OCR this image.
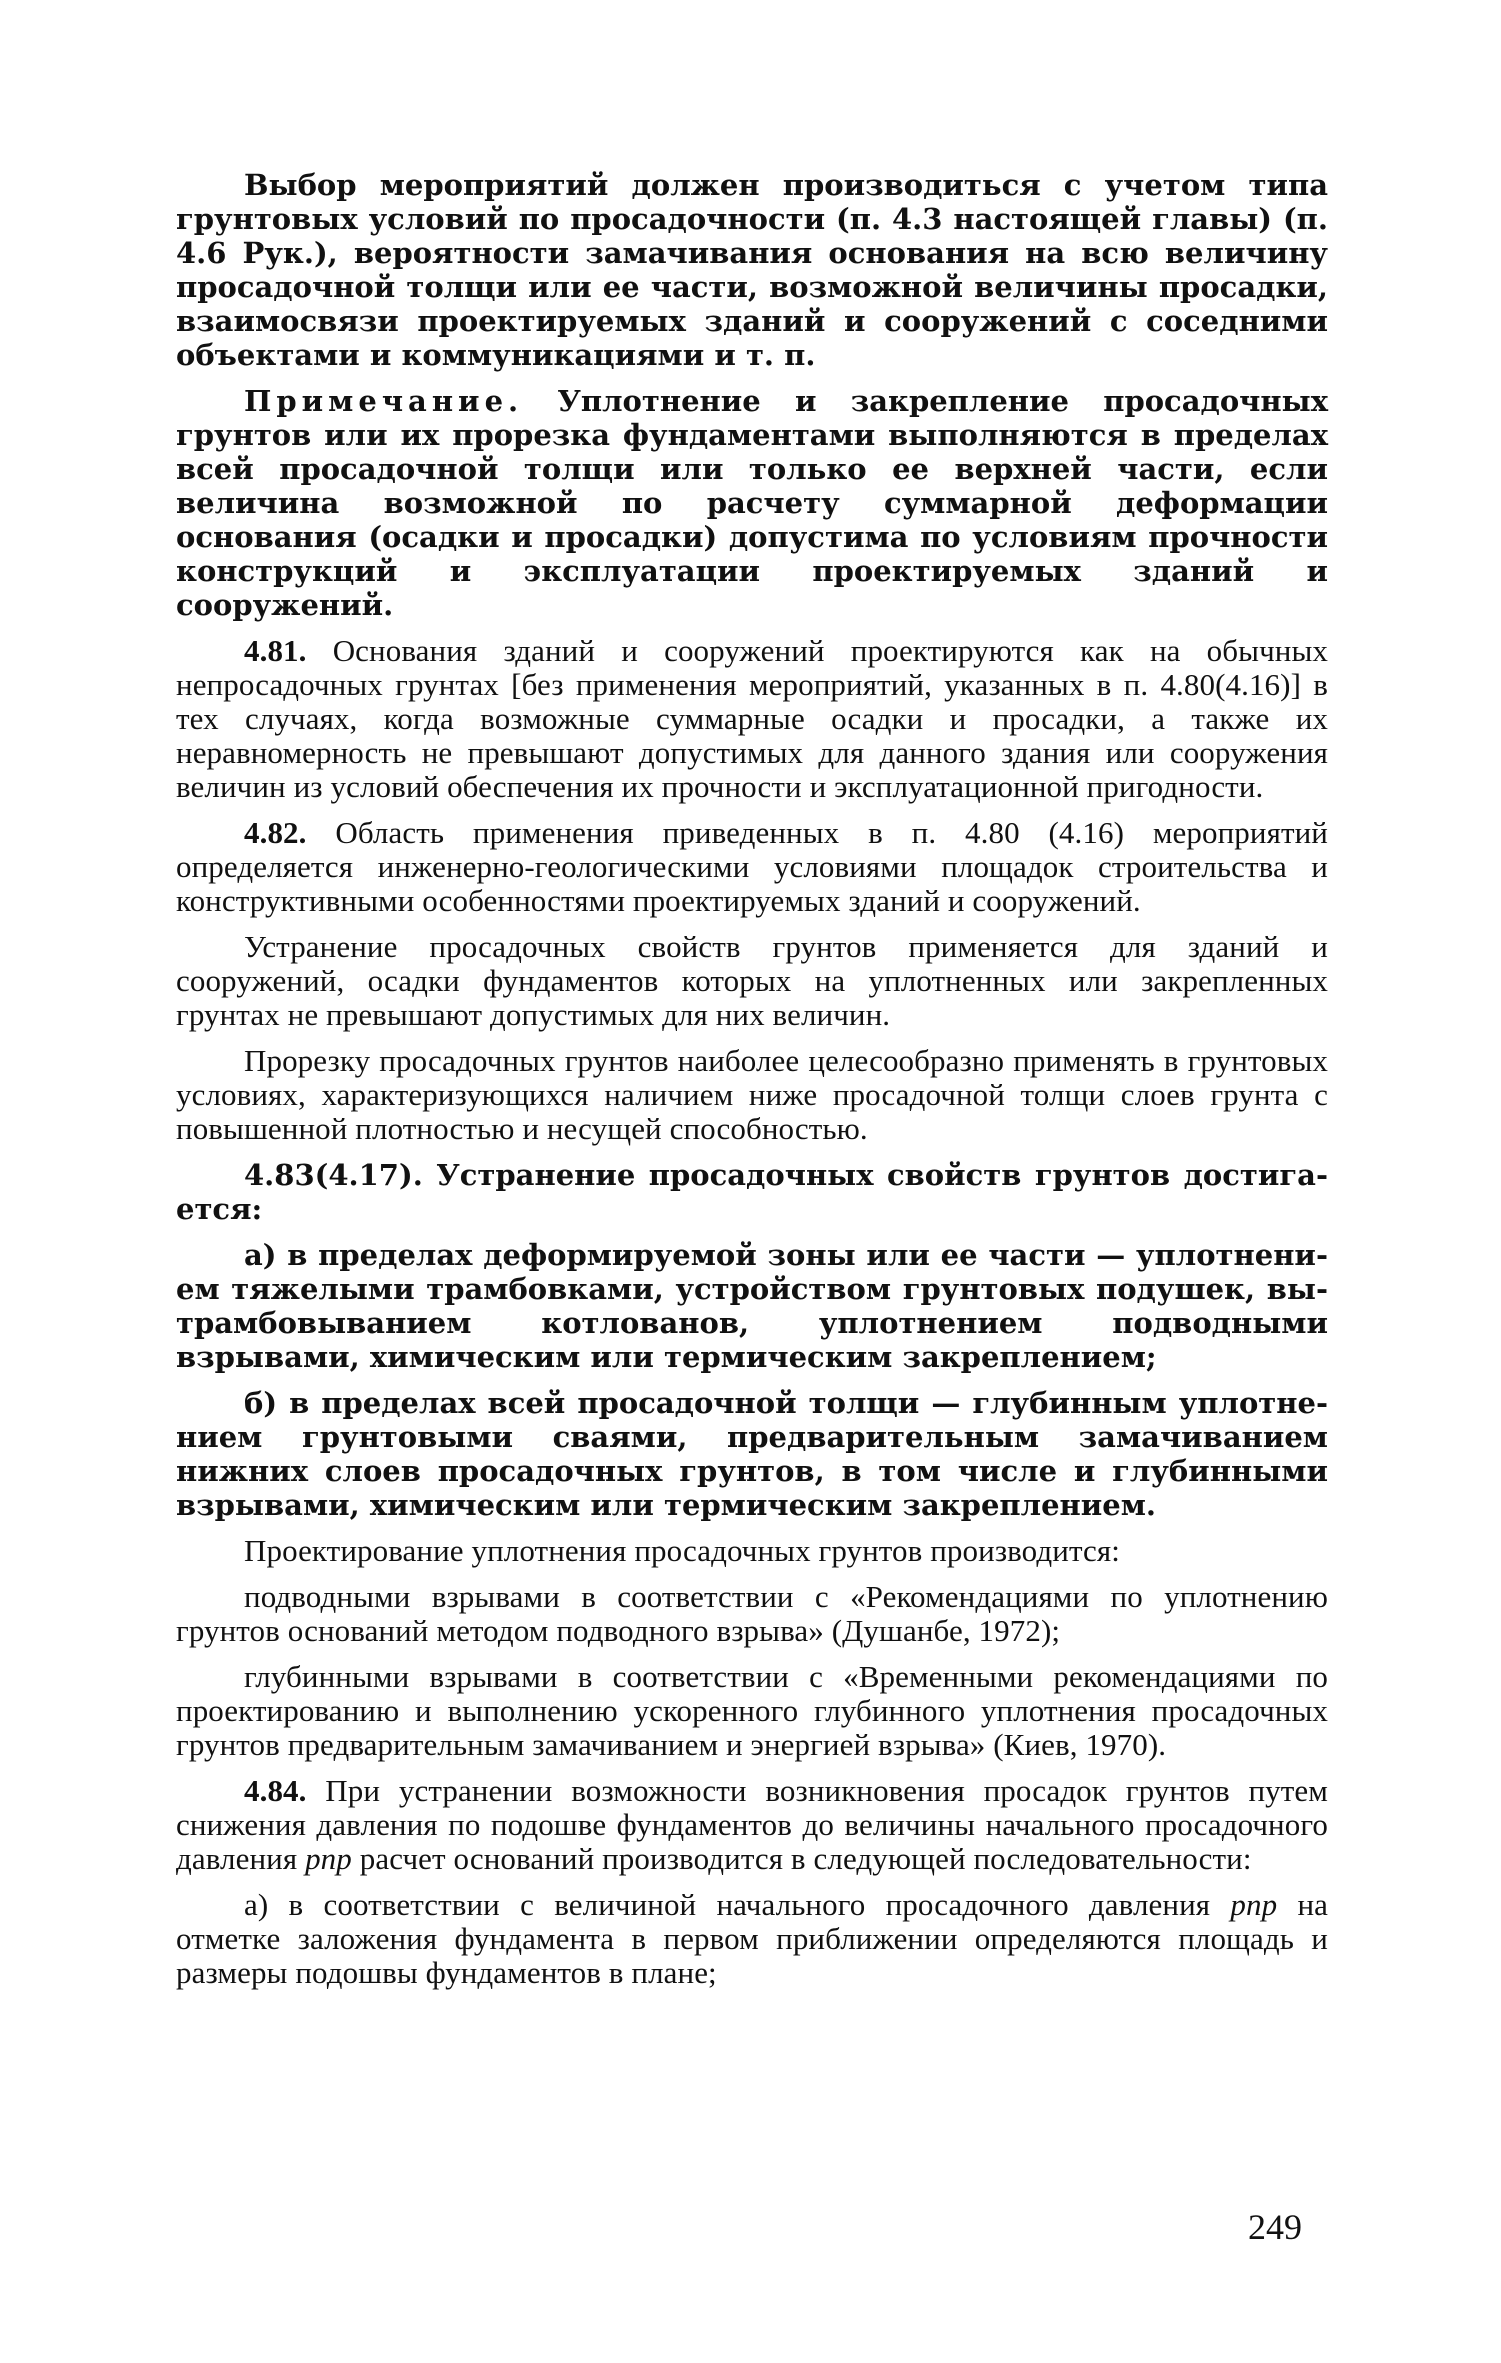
Выбор мероприятий должен производиться с учетом типа грунтовых условий по просадочности (п. 4.3 настоящей главы) (п. 4.6 Рук.), вероятности замачивания основания на всю величину просадочной толщи или ее части, возможной величины просадки, взаимосвязи проектируемых зданий и сооружений с соседними объектами и коммуникациями и т. п.

Примечание. Уплотнение и закрепление просадочных грунтов или их прорезка фундаментами выполняются в пределах всей просадочной толщи или только ее верхней части, если величина возможной по расчету суммарной деформации основания (осадки и просадки) допустима по условиям прочности конструкций и эксплуатации проектируемых зданий и сооружений.

4.81. Основания зданий и сооружений проектируются как на обычных непросадочных грунтах [без применения мероприятий, указанных в п. 4.80(4.16)] в тех случаях, когда возможные суммарные осадки и просадки, а также их неравномерность не превышают допустимых для данного здания или сооружения величин из условий обеспечения их прочности и эксплуатационной пригодности.

4.82. Область применения приведенных в п. 4.80 (4.16) мероприятий определяется инженерно-геологическими условиями площадок строительства и конструктивными особенностями проектируемых зданий и сооружений.

Устранение просадочных свойств грунтов применяется для зданий и сооружений, осадки фундаментов которых на уплотненных или закрепленных грунтах не превышают допустимых для них величин.

Прорезку просадочных грунтов наиболее целесообразно применять в грунтовых условиях, характеризующихся наличием ниже просадочной толщи слоев грунта с повышенной плотностью и несущей способностью.

4.83(4.17). Устранение просадочных свойств грунтов достигается:

а) в пределах деформируемой зоны или ее части — уплотнением тяжелыми трамбовками, устройством грунтовых подушек, вытрамбовыванием котлованов, уплотнением подводными взрывами, химическим или термическим закреплением;

б) в пределах всей просадочной толщи — глубинным уплотнением грунтовыми сваями, предварительным замачиванием нижних слоев просадочных грунтов, в том числе и глубинными взрывами, химическим или термическим закреплением.

Проектирование уплотнения просадочных грунтов производится:

подводными взрывами в соответствии с «Рекомендациями по уплотнению грунтов оснований методом подводного взрыва» (Душанбе, 1972);

глубинными взрывами в соответствии с «Временными рекомендациями по проектированию и выполнению ускоренного глубинного уплотнения просадочных грунтов предварительным замачиванием и энергией взрыва» (Киев, 1970).

4.84. При устранении возможности возникновения просадок грунтов путем снижения давления по подошве фундаментов до величины начального просадочного давления pпр расчет оснований производится в следующей последовательности:

а) в соответствии с величиной начального просадочного давления pпр на отметке заложения фундамента в первом приближении определяются площадь и размеры подошвы фундаментов в плане;

249
